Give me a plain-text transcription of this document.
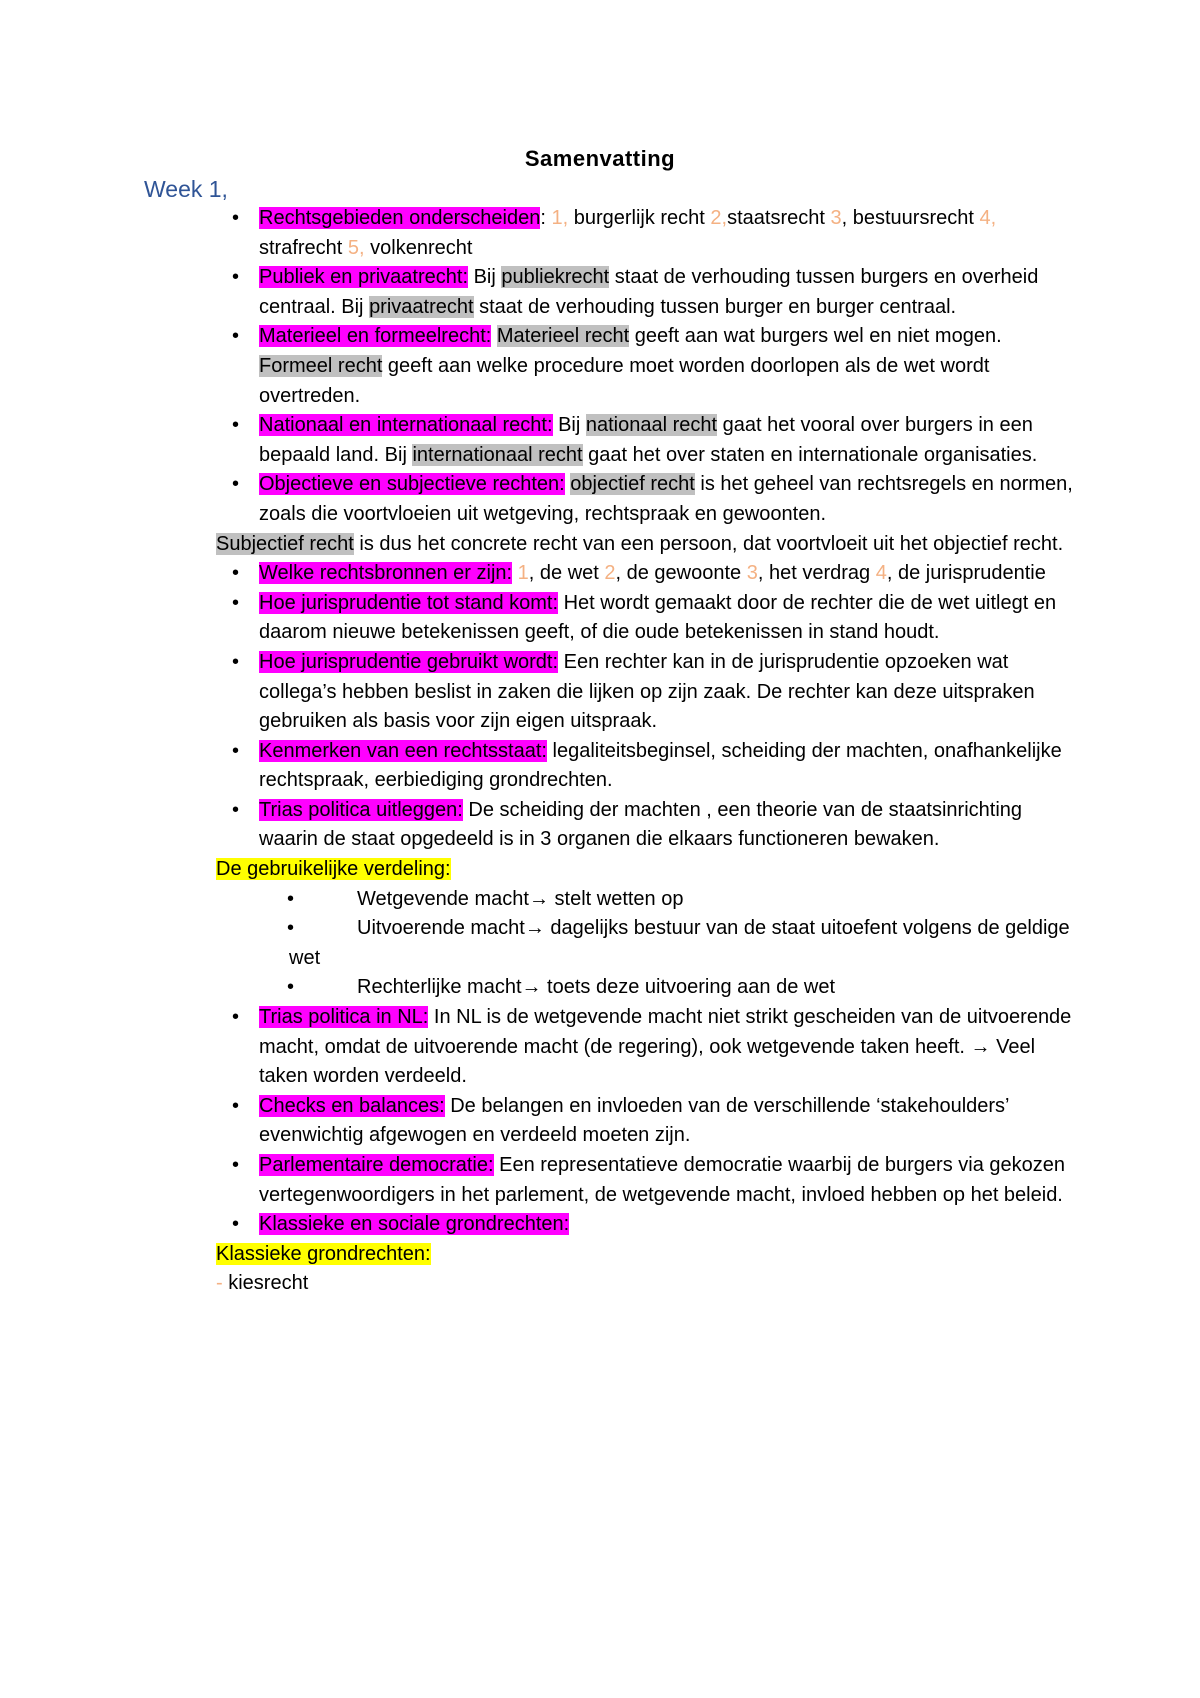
Samenvatting
Week 1,

• Rechtsgebieden onderscheiden: 1, burgerlijk recht 2,staatsrecht 3, bestuursrecht 4, strafrecht 5, volkenrecht

• Publiek en privaatrecht: Bij publiekrecht staat de verhouding tussen burgers en overheid centraal. Bij privaatrecht staat de verhouding tussen burger en burger centraal.

• Materieel en formeelrecht: Materieel recht geeft aan wat burgers wel en niet mogen. Formeel recht geeft aan welke procedure moet worden doorlopen als de wet wordt overtreden.

• Nationaal en internationaal recht: Bij nationaal recht gaat het vooral over burgers in een bepaald land. Bij internationaal recht gaat het over staten en internationale organisaties.

• Objectieve en subjectieve rechten: objectief recht is het geheel van rechtsregels en normen, zoals die voortvloeien uit wetgeving, rechtspraak en gewoonten.

Subjectief recht is dus het concrete recht van een persoon, dat voortvloeit uit het objectief recht.

• Welke rechtsbronnen er zijn: 1, de wet 2, de gewoonte 3, het verdrag 4, de jurisprudentie

• Hoe jurisprudentie tot stand komt: Het wordt gemaakt door de rechter die de wet uitlegt en daarom nieuwe betekenissen geeft, of die oude betekenissen in stand houdt.

• Hoe jurisprudentie gebruikt wordt: Een rechter kan in de jurisprudentie opzoeken wat collega’s hebben beslist in zaken die lijken op zijn zaak. De rechter kan deze uitspraken gebruiken als basis voor zijn eigen uitspraak.

• Kenmerken van een rechtsstaat: legaliteitsbeginsel, scheiding der machten, onafhankelijke rechtspraak, eerbiediging grondrechten.

• Trias politica uitleggen: De scheiding der machten , een theorie van de staatsinrichting waarin de staat opgedeeld is in 3 organen die elkaars functioneren bewaken.

De gebruikelijke verdeling:

•	Wetgevende macht→ stelt wetten op

•	Uitvoerende macht→ dagelijks bestuur van de staat uitoefent volgens de geldige wet

•	Rechterlijke macht→ toets deze uitvoering aan de wet

• Trias politica in NL: In NL is de wetgevende macht niet strikt gescheiden van de uitvoerende macht, omdat de uitvoerende macht (de regering), ook wetgevende taken heeft. → Veel taken worden verdeeld.

• Checks en balances: De belangen en invloeden van de verschillende ‘stakehoulders’ evenwichtig afgewogen en verdeeld moeten zijn.

• Parlementaire democratie: Een representatieve democratie waarbij de burgers via gekozen vertegenwoordigers in het parlement, de wetgevende macht, invloed hebben op het beleid.

• Klassieke en sociale grondrechten:

Klassieke grondrechten:

- kiesrecht
